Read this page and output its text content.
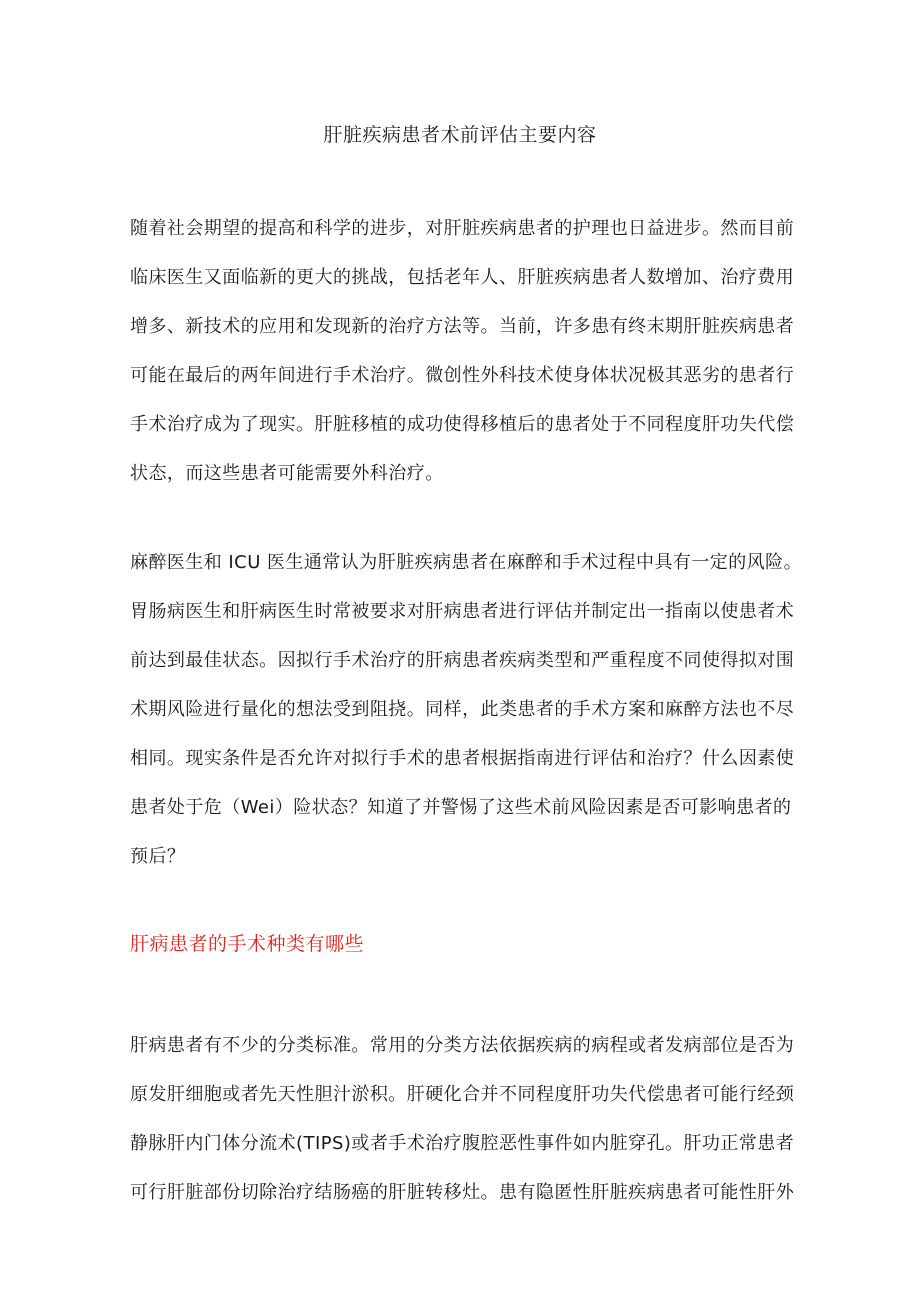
肝脏疾病患者术前评估主要内容
随着社会期望的提高和科学的进步，对肝脏疾病患者的护理也日益进步。然而目前
临床医生又面临新的更大的挑战，包括老年人、肝脏疾病患者人数增加、治疗费用
增多、新技术的应用和发现新的治疗方法等。当前，许多患有终末期肝脏疾病患者
可能在最后的两年间进行手术治疗。微创性外科技术使身体状况极其恶劣的患者行
手术治疗成为了现实。肝脏移植的成功使得移植后的患者处于不同程度肝功失代偿
状态，而这些患者可能需要外科治疗。
麻醉医生和 ICU 医生通常认为肝脏疾病患者在麻醉和手术过程中具有一定的风险。
胃肠病医生和肝病医生时常被要求对肝病患者进行评估并制定出一指南以使患者术
前达到最佳状态。因拟行手术治疗的肝病患者疾病类型和严重程度不同使得拟对围
术期风险进行量化的想法受到阻挠。同样，此类患者的手术方案和麻醉方法也不尽
相同。现实条件是否允许对拟行手术的患者根据指南进行评估和治疗？什么因素使
患者处于危（Wei）险状态？知道了并警惕了这些术前风险因素是否可影响患者的
预后？
肝病患者的手术种类有哪些
肝病患者有不少的分类标准。常用的分类方法依据疾病的病程或者发病部位是否为
原发肝细胞或者先天性胆汁淤积。肝硬化合并不同程度肝功失代偿患者可能行经颈
静脉肝内门体分流术(TIPS)或者手术治疗腹腔恶性事件如内脏穿孔。肝功正常患者
可行肝脏部份切除治疗结肠癌的肝脏转移灶。患有隐匿性肝脏疾病患者可能性肝外
